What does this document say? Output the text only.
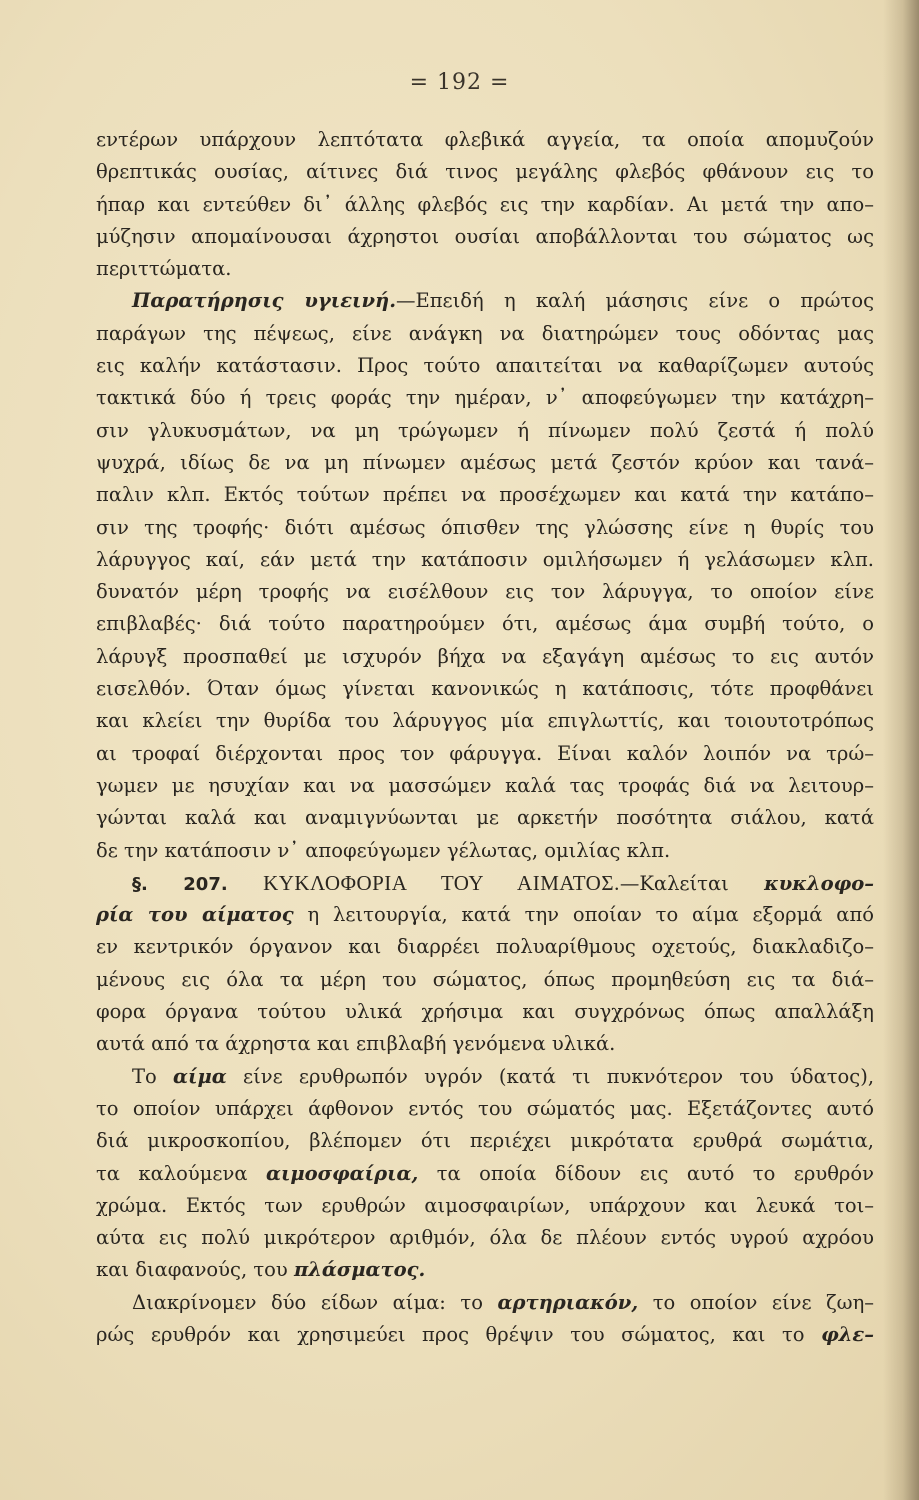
= 192 =
εντέρων υπάρχουν λεπτότατα φλεβικά αγγεία, τα οποία απομυζούν
θρεπτικάς ουσίας, αίτινες διά τινος μεγάλης φλεβός φθάνουν εις το
ήπαρ και εντεύθεν δι᾽ άλλης φλεβός εις την καρδίαν. Αι μετά την απο–
μύζησιν απομαίνουσαι άχρηστοι ουσίαι αποβάλλονται του σώματος ως
περιττώματα.
Παρατήρησις υγιεινή.—Επειδή η καλή μάσησις είνε ο πρώτος
παράγων της πέψεως, είνε ανάγκη να διατηρώμεν τους οδόντας μας
εις καλήν κατάστασιν. Προς τούτο απαιτείται να καθαρίζωμεν αυτούς
τακτικά δύο ή τρεις φοράς την ημέραν, ν᾽ αποφεύγωμεν την κατάχρη–
σιν γλυκυσμάτων, να μη τρώγωμεν ή πίνωμεν πολύ ζεστά ή πολύ
ψυχρά, ιδίως δε να μη πίνωμεν αμέσως μετά ζεστόν κρύον και τανά–
παλιν κλπ. Εκτός τούτων πρέπει να προσέχωμεν και κατά την κατάπο–
σιν της τροφής· διότι αμέσως όπισθεν της γλώσσης είνε η θυρίς του
λάρυγγος καί, εάν μετά την κατάποσιν ομιλήσωμεν ή γελάσωμεν κλπ.
δυνατόν μέρη τροφής να εισέλθουν εις τον λάρυγγα, το οποίον είνε
επιβλαβές· διά τούτο παρατηρούμεν ότι, αμέσως άμα συμβή τούτο, ο
λάρυγξ προσπαθεί με ισχυρόν βήχα να εξαγάγη αμέσως το εις αυτόν
εισελθόν. Όταν όμως γίνεται κανονικώς η κατάποσις, τότε προφθάνει
και κλείει την θυρίδα του λάρυγγος μία επιγλωττίς, και τοιουτοτρόπως
αι τροφαί διέρχονται προς τον φάρυγγα. Είναι καλόν λοιπόν να τρώ–
γωμεν με ησυχίαν και να μασσώμεν καλά τας τροφάς διά να λειτουρ–
γώνται καλά και αναμιγνύωνται με αρκετήν ποσότητα σιάλου, κατά
δε την κατάποσιν ν᾽ αποφεύγωμεν γέλωτας, ομιλίας κλπ.
§. 207. ΚΥΚΛΟΦΟΡΙΑ ΤΟΥ ΑΙΜΑΤΟΣ.—Καλείται κυκλοφο–
ρία του αίματος η λειτουργία, κατά την οποίαν το αίμα εξορμά από
εν κεντρικόν όργανον και διαρρέει πολυαρίθμους οχετούς, διακλαδιζο–
μένους εις όλα τα μέρη του σώματος, όπως προμηθεύση εις τα διά–
φορα όργανα τούτου υλικά χρήσιμα και συγχρόνως όπως απαλλάξη
αυτά από τα άχρηστα και επιβλαβή γενόμενα υλικά.
Το αίμα είνε ερυθρωπόν υγρόν (κατά τι πυκνότερον του ύδατος),
το οποίον υπάρχει άφθονον εντός του σώματός μας. Εξετάζοντες αυτό
διά μικροσκοπίου, βλέπομεν ότι περιέχει μικρότατα ερυθρά σωμάτια,
τα καλούμενα αιμοσφαίρια, τα οποία δίδουν εις αυτό το ερυθρόν
χρώμα. Εκτός των ερυθρών αιμοσφαιρίων, υπάρχουν και λευκά τοι–
αύτα εις πολύ μικρότερον αριθμόν, όλα δε πλέουν εντός υγρού αχρόου
και διαφανούς, του πλάσματος.
Διακρίνομεν δύο είδων αίμα: το αρτηριακόν, το οποίον είνε ζωη–
ρώς ερυθρόν και χρησιμεύει προς θρέψιν του σώματος, και το φλε–
